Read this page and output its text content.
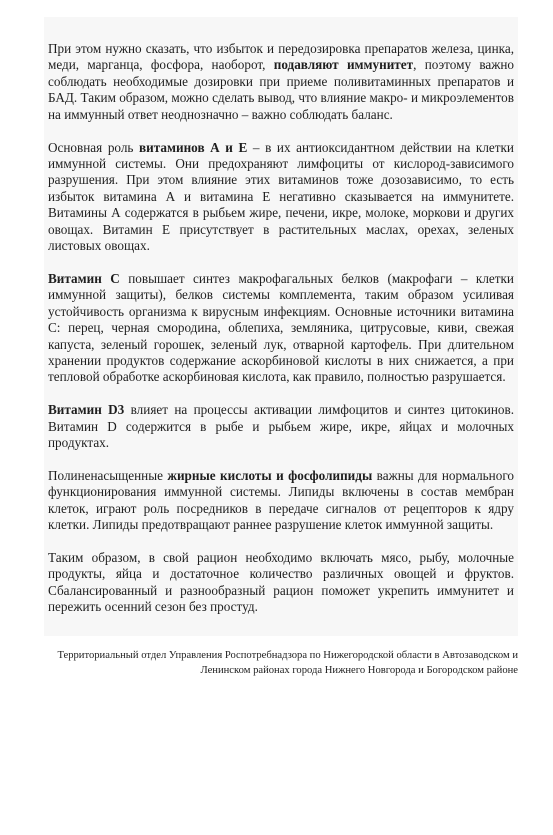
При этом нужно сказать, что избыток и передозировка препаратов железа, цинка, меди, марганца, фосфора, наоборот, подавляют иммунитет, поэтому важно соблюдать необходимые дозировки при приеме поливитаминных препаратов и БАД. Таким образом, можно сделать вывод, что влияние макро- и микроэлементов на иммунный ответ неоднозначно – важно соблюдать баланс.

Основная роль витаминов А и Е – в их антиоксидантном действии на клетки иммунной системы. Они предохраняют лимфоциты от кислород-зависимого разрушения. При этом влияние этих витаминов тоже дозозависимо, то есть избыток витамина А и витамина Е негативно сказывается на иммунитете. Витамины А содержатся в рыбьем жире, печени, икре, молоке, моркови и других овощах. Витамин Е присутствует в растительных маслах, орехах, зеленых листовых овощах.

Витамин С повышает синтез макрофагальных белков (макрофаги – клетки иммунной защиты), белков системы комплемента, таким образом усиливая устойчивость организма к вирусным инфекциям. Основные источники витамина С: перец, черная смородина, облепиха, земляника, цитрусовые, киви, свежая капуста, зеленый горошек, зеленый лук, отварной картофель. При длительном хранении продуктов содержание аскорбиновой кислоты в них снижается, а при тепловой обработке аскорбиновая кислота, как правило, полностью разрушается.

Витамин D3 влияет на процессы активации лимфоцитов и синтез цитокинов. Витамин D содержится в рыбе и рыбьем жире, икре, яйцах и молочных продуктах.

Полиненасыщенные жирные кислоты и фосфолипиды важны для нормального функционирования иммунной системы. Липиды включены в состав мембран клеток, играют роль посредников в передаче сигналов от рецепторов к ядру клетки. Липиды предотвращают раннее разрушение клеток иммунной защиты.

Таким образом, в свой рацион необходимо включать мясо, рыбу, молочные продукты, яйца и достаточное количество различных овощей и фруктов. Сбалансированный и разнообразный рацион поможет укрепить иммунитет и пережить осенний сезон без простуд.

Территориальный отдел Управления Роспотребнадзора по Нижегородской области в Автозаводском и
Ленинском районах города Нижнего Новгорода и Богородском районе
